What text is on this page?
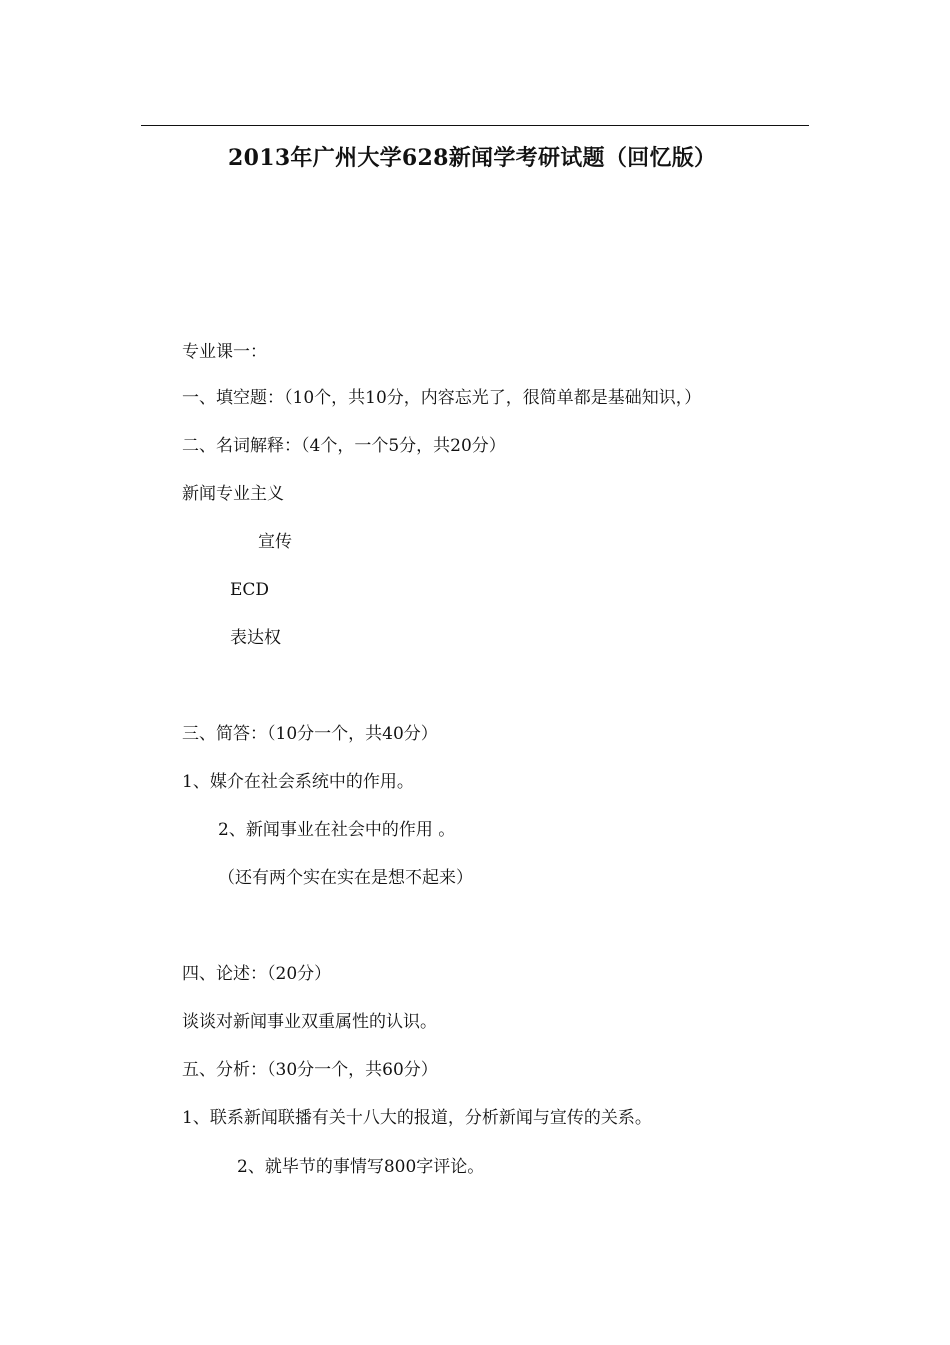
2013年广州大学628新闻学考研试题（回忆版）
专业课一：
一、填空题：（10个，共10分，内容忘光了，很简单都是基础知识，）
二、名词解释：（4个，一个5分，共20分）
新闻专业主义
宣传
ECD
表达权
三、简答：（10分一个，共40分）
1、媒介在社会系统中的作用。
2、新闻事业在社会中的作用 。
（还有两个实在实在是想不起来）
四、论述：（20分）
谈谈对新闻事业双重属性的认识。
五、分析：（30分一个，共60分）
1、联系新闻联播有关十八大的报道，分析新闻与宣传的关系。
2、就毕节的事情写800字评论。
